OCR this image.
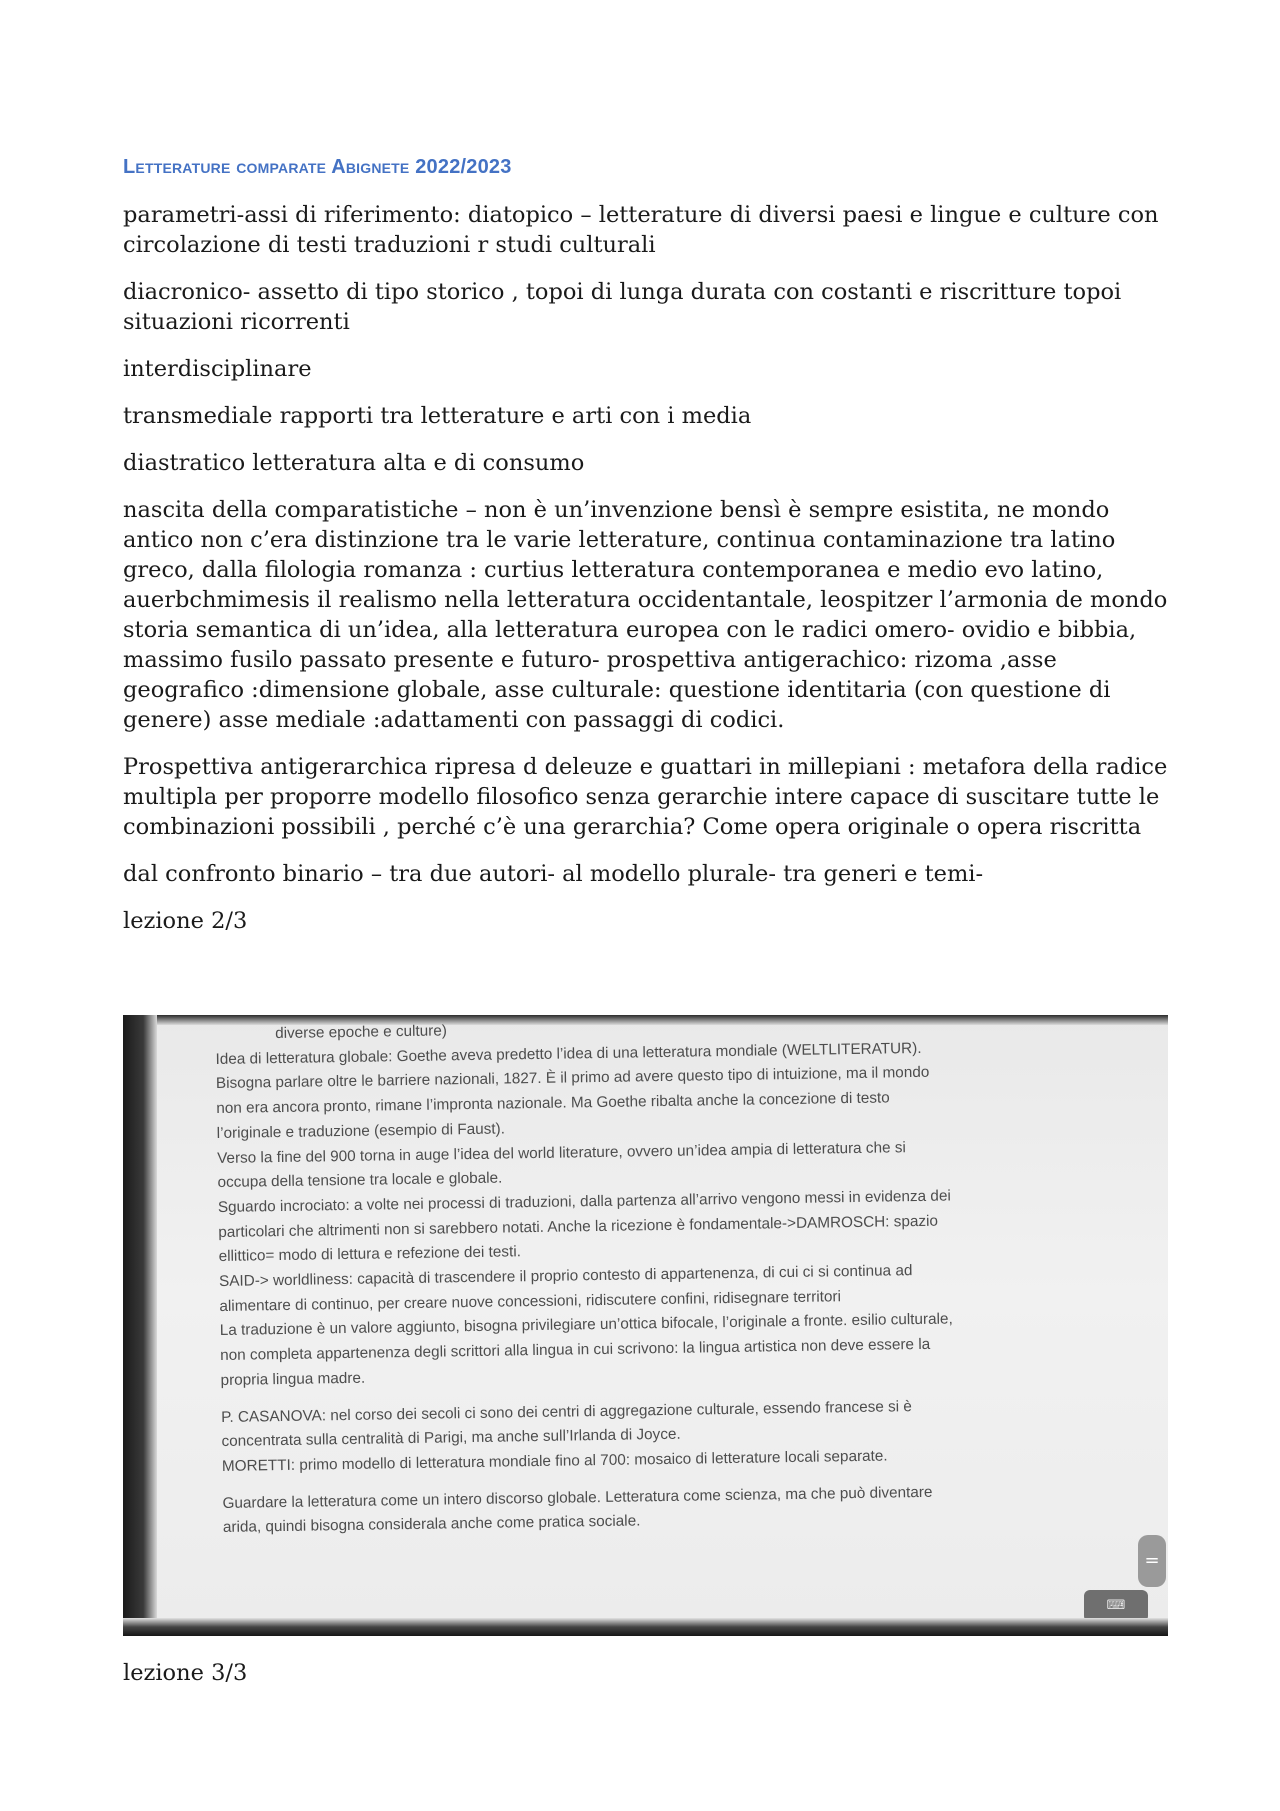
Letterature comparate Abignete 2022/2023

parametri-assi di riferimento: diatopico – letterature di diversi paesi e lingue e culture con circolazione di testi traduzioni r studi culturali

diacronico- assetto di tipo storico , topoi di lunga durata con costanti e riscritture topoi situazioni ricorrenti

interdisciplinare

transmediale rapporti tra letterature e arti con i media

diastratico letteratura alta e di consumo

nascita della comparatistiche – non è un’invenzione bensì è sempre esistita, ne mondo antico non c’era distinzione tra le varie letterature, continua contaminazione tra latino greco, dalla filologia romanza : curtius letteratura contemporanea e medio evo latino, auerbchmimesis il realismo nella letteratura occidentantale, leospitzer l’armonia de mondo storia semantica di un’idea, alla letteratura europea con le radici omero- ovidio e bibbia, massimo fusilo passato presente e futuro- prospettiva antigerachico: rizoma ,asse geografico :dimensione globale, asse culturale: questione identitaria (con questione di genere) asse mediale :adattamenti con passaggi di codici.

Prospettiva antigerarchica ripresa d deleuze e guattari in millepiani : metafora della radice multipla per proporre modello filosofico senza gerarchie intere capace di suscitare tutte le combinazioni possibili , perché c’è una gerarchia? Come opera originale o opera riscritta

dal confronto binario – tra due autori- al modello plurale- tra generi e temi-

lezione 2/3

diverse epoche e culture)
Idea di letteratura globale: Goethe aveva predetto l’idea di una letteratura mondiale (WELTLITERATUR).
Bisogna parlare oltre le barriere nazionali, 1827. È il primo ad avere questo tipo di intuizione, ma il mondo
non era ancora pronto, rimane l’impronta nazionale. Ma Goethe ribalta anche la concezione di testo
l’originale e traduzione (esempio di Faust).
Verso la fine del 900 torna in auge l’idea del world literature, ovvero un’idea ampia di letteratura che si
occupa della tensione tra locale e globale.
Sguardo incrociato: a volte nei processi di traduzioni, dalla partenza all’arrivo vengono messi in evidenza dei
particolari che altrimenti non si sarebbero notati. Anche la ricezione è fondamentale->DAMROSCH: spazio
ellittico= modo di lettura e refezione dei testi.
SAID-> worldliness: capacità di trascendere il proprio contesto di appartenenza, di cui ci si continua ad
alimentare di continuo, per creare nuove concessioni, ridiscutere confini, ridisegnare territori
La traduzione è un valore aggiunto, bisogna privilegiare un’ottica bifocale, l’originale a fronte. esilio culturale,
non completa appartenenza degli scrittori alla lingua in cui scrivono: la lingua artistica non deve essere la
propria lingua madre.
P. CASANOVA: nel corso dei secoli ci sono dei centri di aggregazione culturale, essendo francese si è
concentrata sulla centralità di Parigi, ma anche sull’Irlanda di Joyce.
MORETTI: primo modello di letteratura mondiale fino al 700: mosaico di letterature locali separate.
Guardare la letteratura come un intero discorso globale. Letteratura come scienza, ma che può diventare
arida, quindi bisogna considerala anche come pratica sociale.
=
⌨
lezione 3/3
